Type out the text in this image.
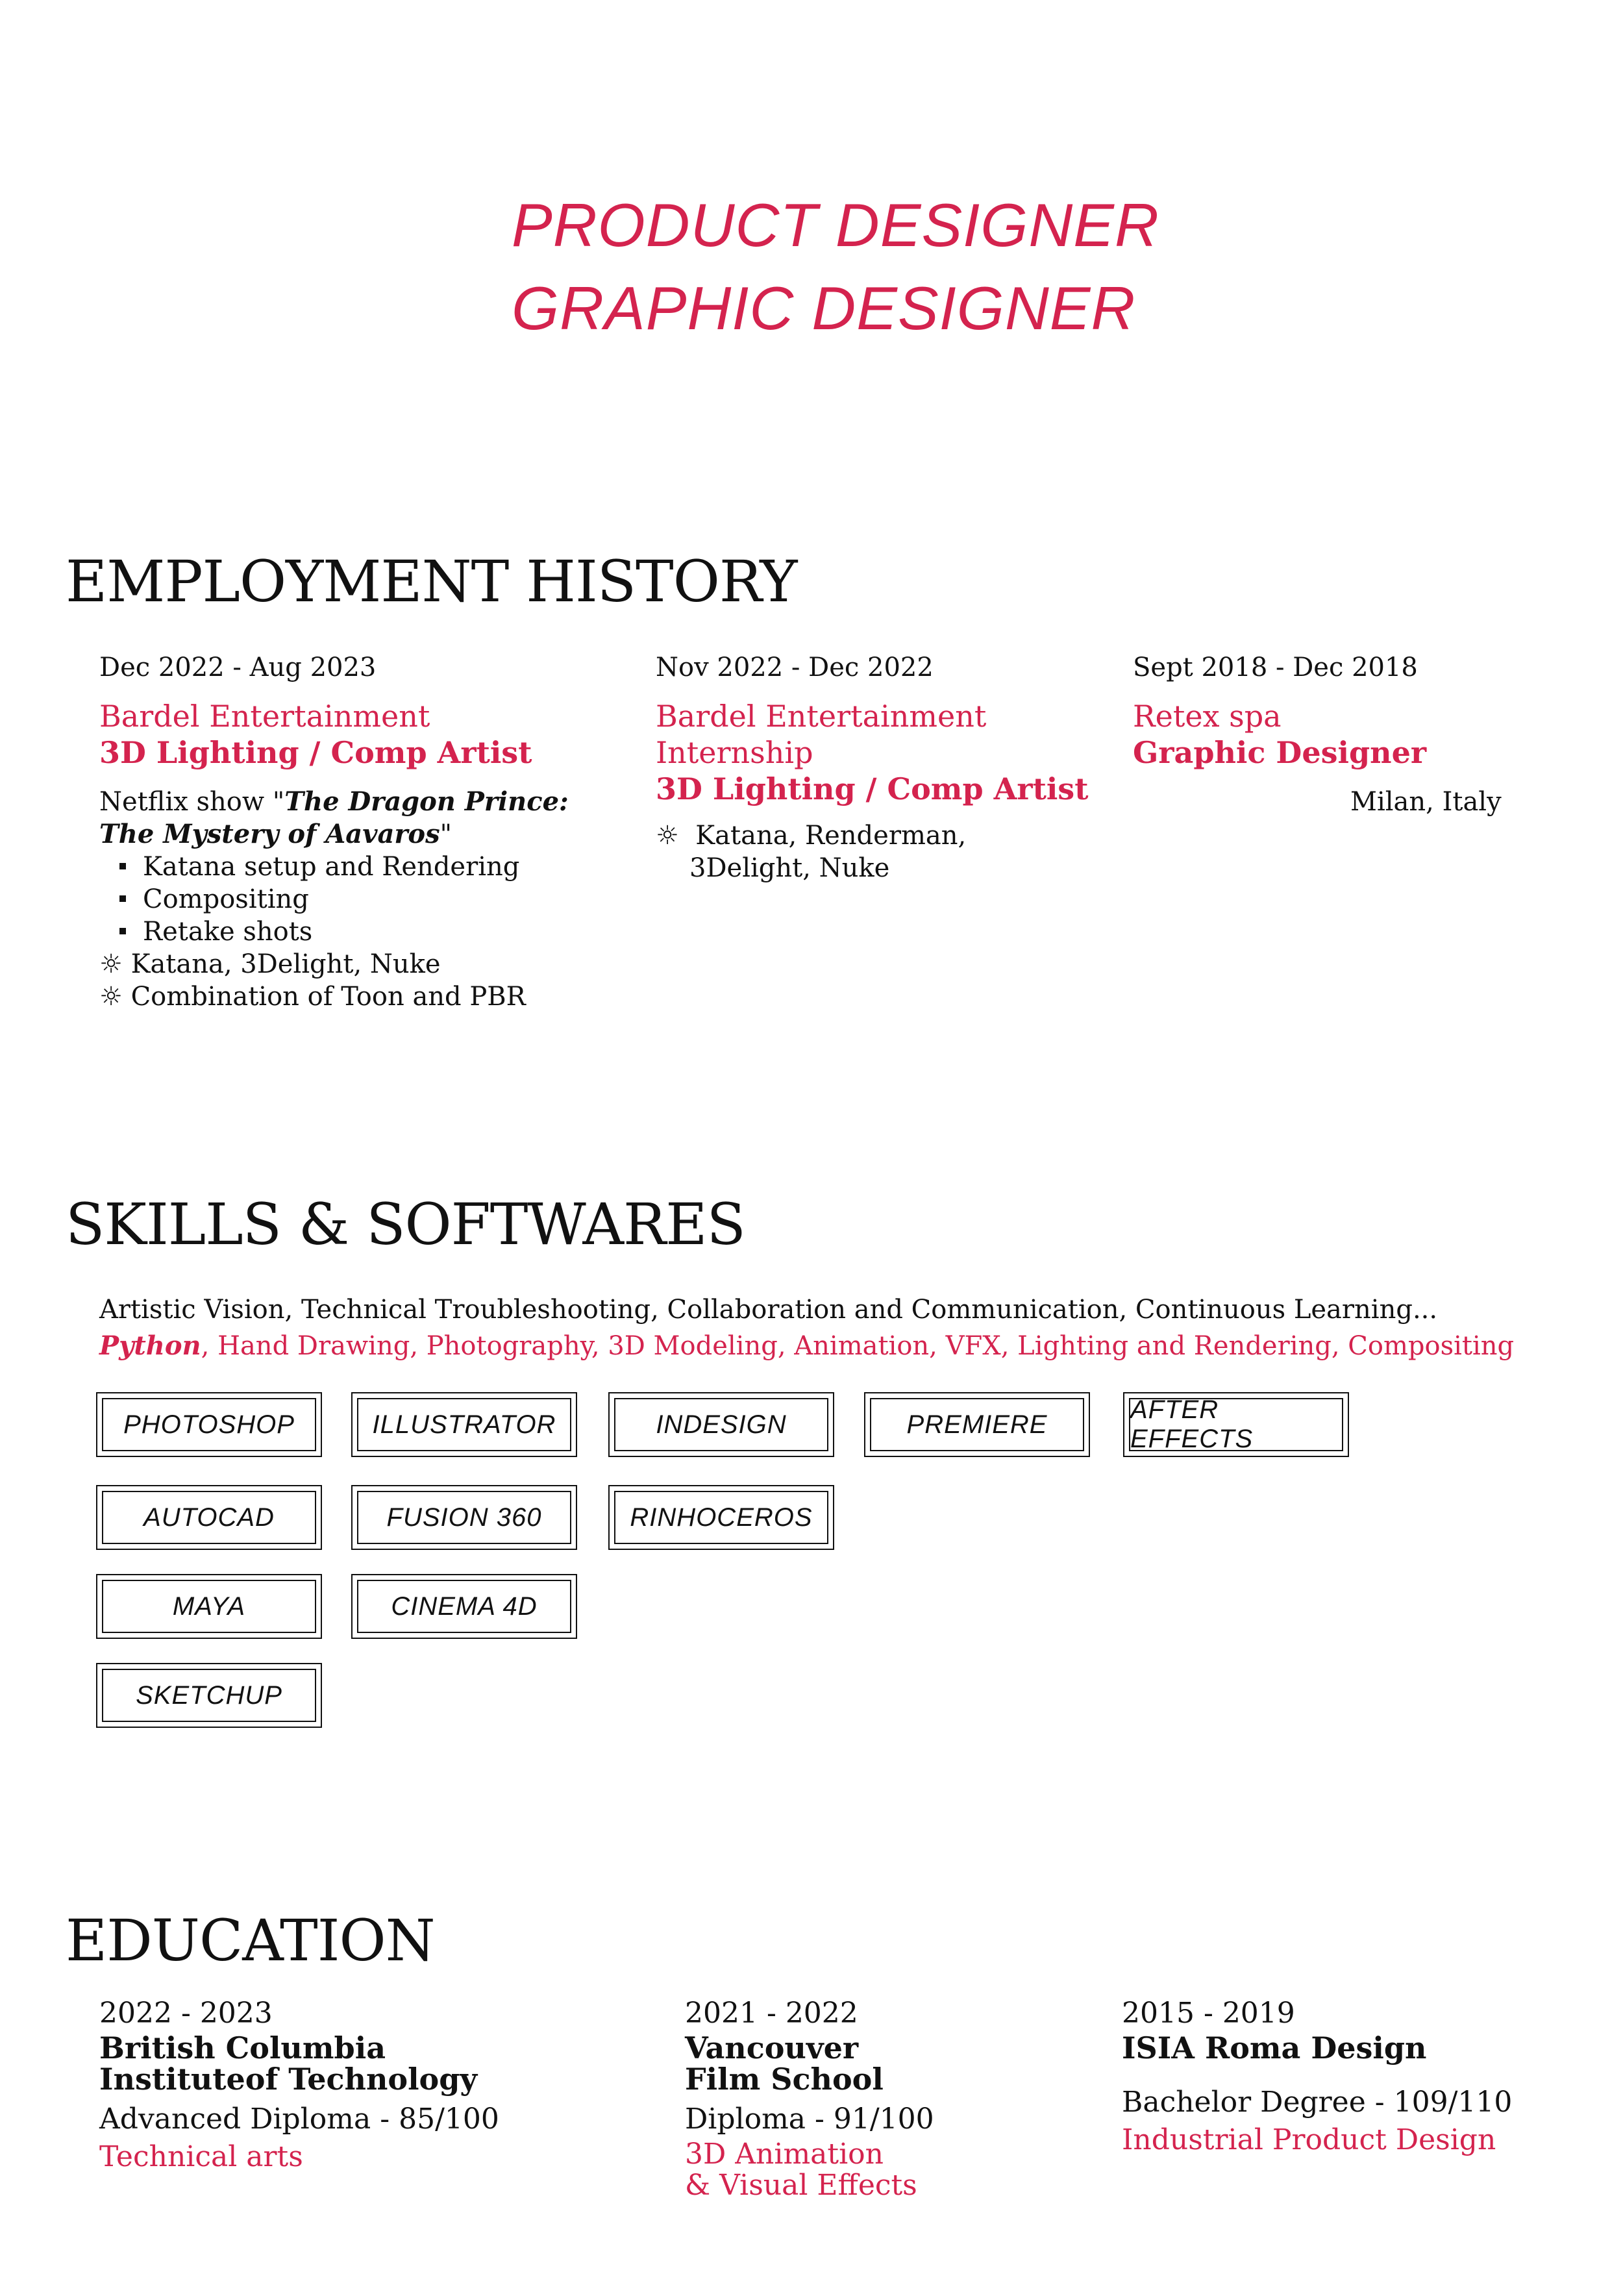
PRODUCT DESIGNER
GRAPHIC DESIGNER
EMPLOYMENT HISTORY
Dec 2022 - Aug 2023
Bardel Entertainment
3D Lighting / Comp Artist
Netflix show "The Dragon Prince:
The Mystery of Aavaros"
Katana setup and Rendering
Compositing
Retake shots
☼ Katana, 3Delight, Nuke
☼ Combination of Toon and PBR
Nov 2022 - Dec 2022
Bardel Entertainment
Internship
3D Lighting / Comp Artist
☼ Katana, Renderman,
3Delight, Nuke
Sept 2018 - Dec 2018
Retex spa
Graphic Designer
Milan, Italy
SKILLS & SOFTWARES
Artistic Vision, Technical Troubleshooting, Collaboration and Communication, Continuous Learning...
Python, Hand Drawing, Photography, 3D Modeling, Animation, VFX, Lighting and Rendering, Compositing
PHOTOSHOP	ILLUSTRATOR	INDESIGN	PREMIERE
AFTER EFFECTS
AUTOCAD	FUSION 360	RINHOCEROS
MAYA	CINEMA 4D
SKETCHUP
EDUCATION
2022 - 2023
British Columbia
Instituteof Technology
Advanced Diploma - 85/100
Technical arts
2021 - 2022
Vancouver
Film School
Diploma - 91/100
3D Animation
& Visual Effects
2015 - 2019
ISIA Roma Design
Bachelor Degree - 109/110
Industrial Product Design
